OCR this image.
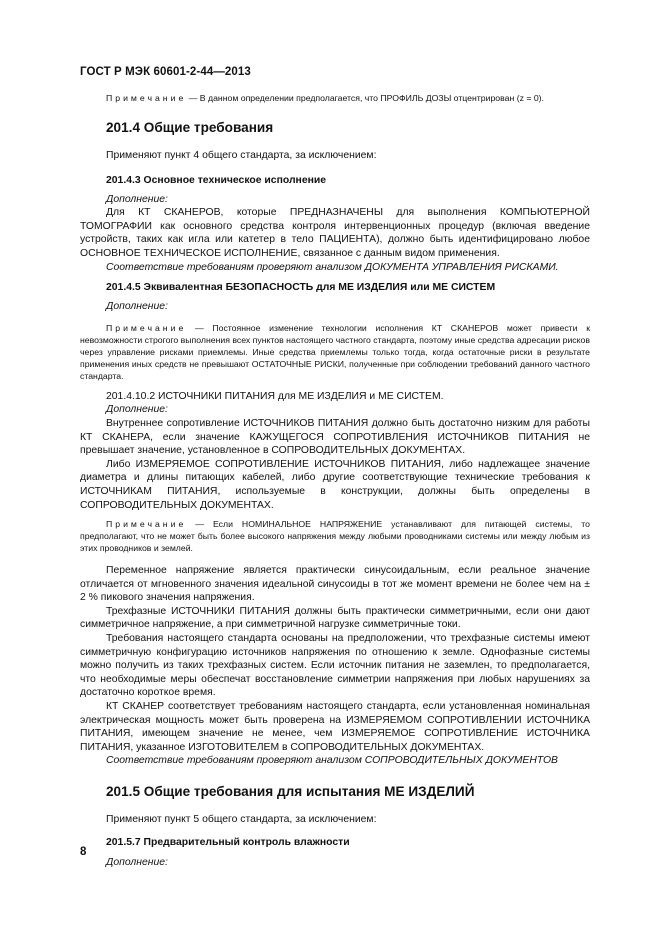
ГОСТ Р МЭК 60601-2-44—2013

Примечание — В данном определении предполагается, что ПРОФИЛЬ ДОЗЫ отцентрирован (z = 0).

201.4 Общие требования

Применяют пункт 4 общего стандарта, за исключением:

201.4.3 Основное техническое исполнение

Дополнение:

Для КТ СКАНЕРОВ, которые ПРЕДНАЗНАЧЕНЫ для выполнения КОМПЬЮТЕРНОЙ ТОМОГРАФИИ как основного средства контроля интервенционных процедур (включая введение устройств, таких как игла или катетер в тело ПАЦИЕНТА), должно быть идентифицировано любое ОСНОВНОЕ ТЕХНИЧЕСКОЕ ИСПОЛНЕНИЕ, связанное с данным видом применения.

Соответствие требованиям проверяют анализом ДОКУМЕНТА УПРАВЛЕНИЯ РИСКАМИ.

201.4.5 Эквивалентная БЕЗОПАСНОСТЬ для МЕ ИЗДЕЛИЯ или МЕ СИСТЕМ

Дополнение:

Примечание — Постоянное изменение технологии исполнения КТ СКАНЕРОВ может привести к невозможности строгого выполнения всех пунктов настоящего частного стандарта, поэтому иные средства адресации рисков через управление рисками приемлемы. Иные средства приемлемы только тогда, когда остаточные риски в результате применения иных средств не превышают ОСТАТОЧНЫЕ РИСКИ, полученные при соблюдении требований данного частного стандарта.

201.4.10.2 ИСТОЧНИКИ ПИТАНИЯ для МЕ ИЗДЕЛИЯ и МЕ СИСТЕМ.

Дополнение:

Внутреннее сопротивление ИСТОЧНИКОВ ПИТАНИЯ должно быть достаточно низким для работы КТ СКАНЕРА, если значение КАЖУЩЕГОСЯ СОПРОТИВЛЕНИЯ ИСТОЧНИКОВ ПИТАНИЯ не превышает значение, установленное в СОПРОВОДИТЕЛЬНЫХ ДОКУМЕНТАХ.

Либо ИЗМЕРЯЕМОЕ СОПРОТИВЛЕНИЕ ИСТОЧНИКОВ ПИТАНИЯ, либо надлежащее значение диаметра и длины питающих кабелей, либо другие соответствующие технические требования к ИСТОЧНИКАМ ПИТАНИЯ, используемые в конструкции, должны быть определены в СОПРОВОДИТЕЛЬНЫХ ДОКУМЕНТАХ.

Примечание — Если НОМИНАЛЬНОЕ НАПРЯЖЕНИЕ устанавливают для питающей системы, то предполагают, что не может быть более высокого напряжения между любыми проводниками системы или между любым из этих проводников и землей.

Переменное напряжение является практически синусоидальным, если реальное значение отличается от мгновенного значения идеальной синусоиды в тот же момент времени не более чем на ± 2 % пикового значения напряжения.

Трехфазные ИСТОЧНИКИ ПИТАНИЯ должны быть практически симметричными, если они дают симметричное напряжение, а при симметричной нагрузке симметричные токи.

Требования настоящего стандарта основаны на предположении, что трехфазные системы имеют симметричную конфигурацию источников напряжения по отношению к земле. Однофазные системы можно получить из таких трехфазных систем. Если источник питания не заземлен, то предполагается, что необходимые меры обеспечат восстановление симметрии напряжения при любых нарушениях за достаточно короткое время.

КТ СКАНЕР соответствует требованиям настоящего стандарта, если установленная номинальная электрическая мощность может быть проверена на ИЗМЕРЯЕМОМ СОПРОТИВЛЕНИИ ИСТОЧНИКА ПИТАНИЯ, имеющем значение не менее, чем ИЗМЕРЯЕМОЕ СОПРОТИВЛЕНИЕ ИСТОЧНИКА ПИТАНИЯ, указанное ИЗГОТОВИТЕЛЕМ в СОПРОВОДИТЕЛЬНЫХ ДОКУМЕНТАХ.

Соответствие требованиям проверяют анализом СОПРОВОДИТЕЛЬНЫХ ДОКУМЕНТОВ

201.5 Общие требования для испытания МЕ ИЗДЕЛИЙ

Применяют пункт 5 общего стандарта, за исключением:

201.5.7 Предварительный контроль влажности

Дополнение:

8
